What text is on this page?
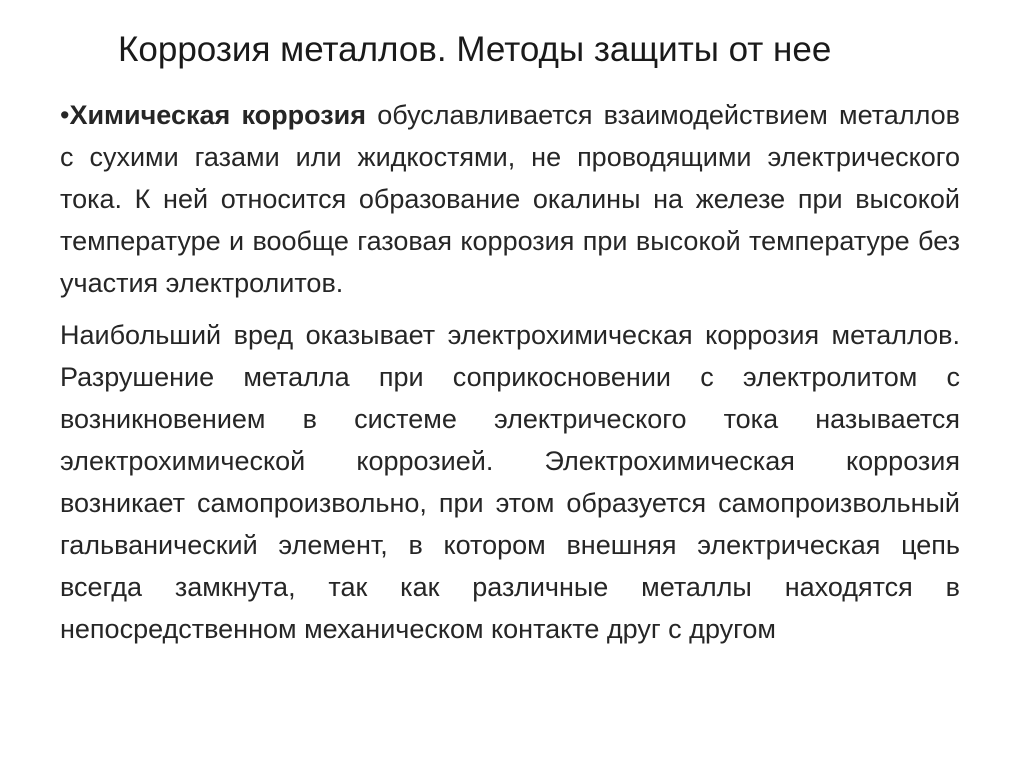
Коррозия металлов. Методы защиты от нее

•Химическая коррозия обуславливается взаимодействием металлов с сухими газами или жидкостями, не проводящими электрического тока. К ней относится образование окалины на железе при высокой температуре и вообще газовая коррозия при высокой температуре без участия электролитов.

Наибольший вред оказывает электрохимическая коррозия металлов. Разрушение металла при соприкосновении с электролитом с возникновением в системе электрического тока называется электрохимической коррозией. Электрохимическая коррозия возникает самопроизвольно, при этом образуется самопроизвольный гальванический элемент, в котором внешняя электрическая цепь всегда замкнута, так как различные металлы находятся в непосредственном механическом контакте друг с другом
